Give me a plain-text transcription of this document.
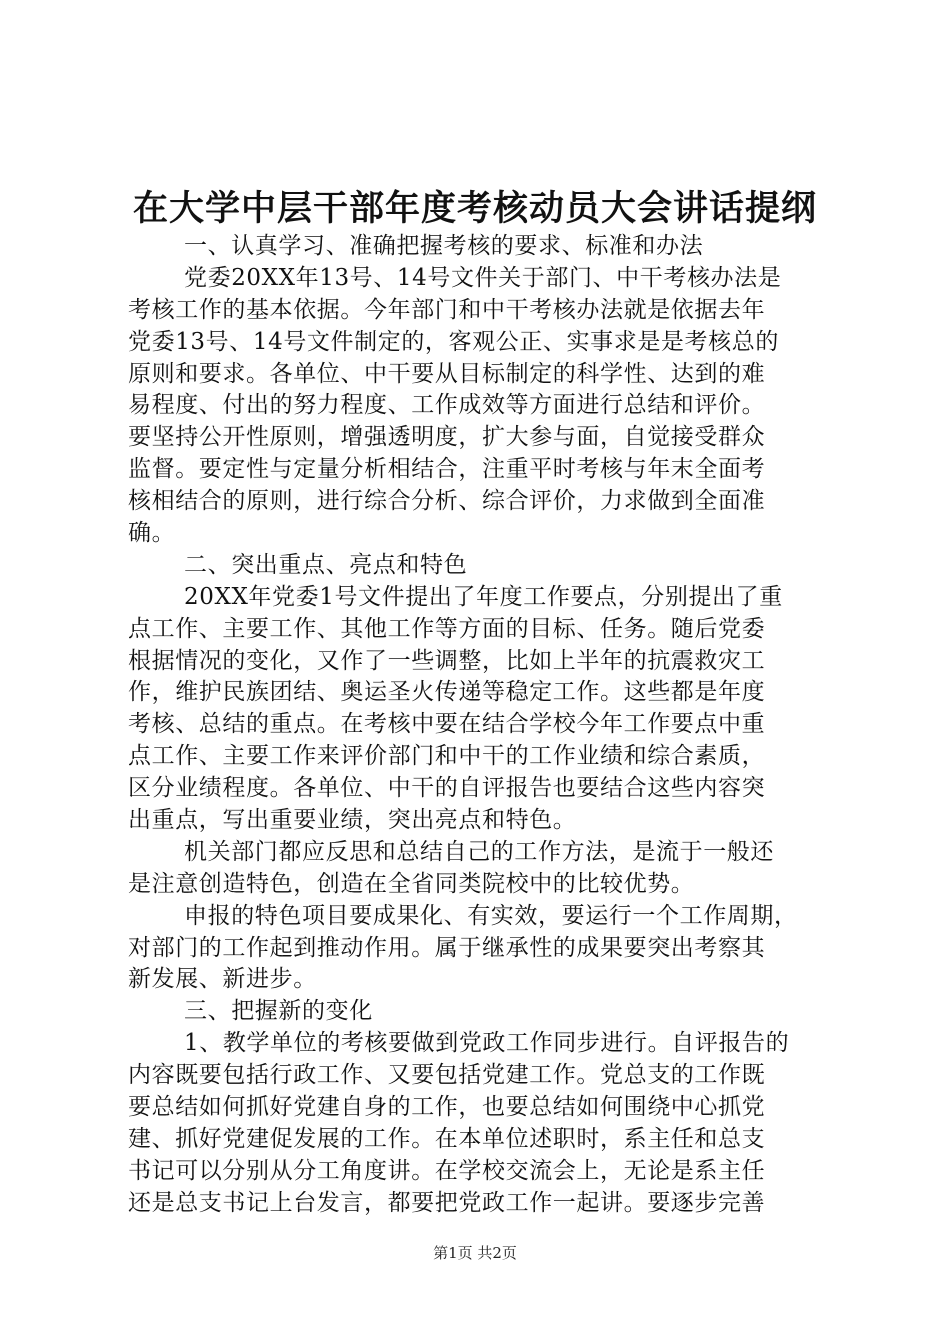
在大学中层干部年度考核动员大会讲话提纲
一、认真学习、准确把握考核的要求、标准和办法
党委20XX年13号、14号文件关于部门、中干考核办法是
考核工作的基本依据。今年部门和中干考核办法就是依据去年
党委13号、14号文件制定的，客观公正、实事求是是考核总的
原则和要求。各单位、中干要从目标制定的科学性、达到的难
易程度、付出的努力程度、工作成效等方面进行总结和评价。
要坚持公开性原则，增强透明度，扩大参与面，自觉接受群众
监督。要定性与定量分析相结合，注重平时考核与年末全面考
核相结合的原则，进行综合分析、综合评价，力求做到全面准
确。
二、突出重点、亮点和特色
20XX年党委1号文件提出了年度工作要点，分别提出了重
点工作、主要工作、其他工作等方面的目标、任务。随后党委
根据情况的变化，又作了一些调整，比如上半年的抗震救灾工
作，维护民族团结、奥运圣火传递等稳定工作。这些都是年度
考核、总结的重点。在考核中要在结合学校今年工作要点中重
点工作、主要工作来评价部门和中干的工作业绩和综合素质，
区分业绩程度。各单位、中干的自评报告也要结合这些内容突
出重点，写出重要业绩，突出亮点和特色。
机关部门都应反思和总结自己的工作方法，是流于一般还
是注意创造特色，创造在全省同类院校中的比较优势。
申报的特色项目要成果化、有实效，要运行一个工作周期，
对部门的工作起到推动作用。属于继承性的成果要突出考察其
新发展、新进步。
三、把握新的变化
1、教学单位的考核要做到党政工作同步进行。自评报告的
内容既要包括行政工作、又要包括党建工作。党总支的工作既
要总结如何抓好党建自身的工作，也要总结如何围绕中心抓党
建、抓好党建促发展的工作。在本单位述职时，系主任和总支
书记可以分别从分工角度讲。在学校交流会上，无论是系主任
还是总支书记上台发言，都要把党政工作一起讲。要逐步完善
第1页 共2页
